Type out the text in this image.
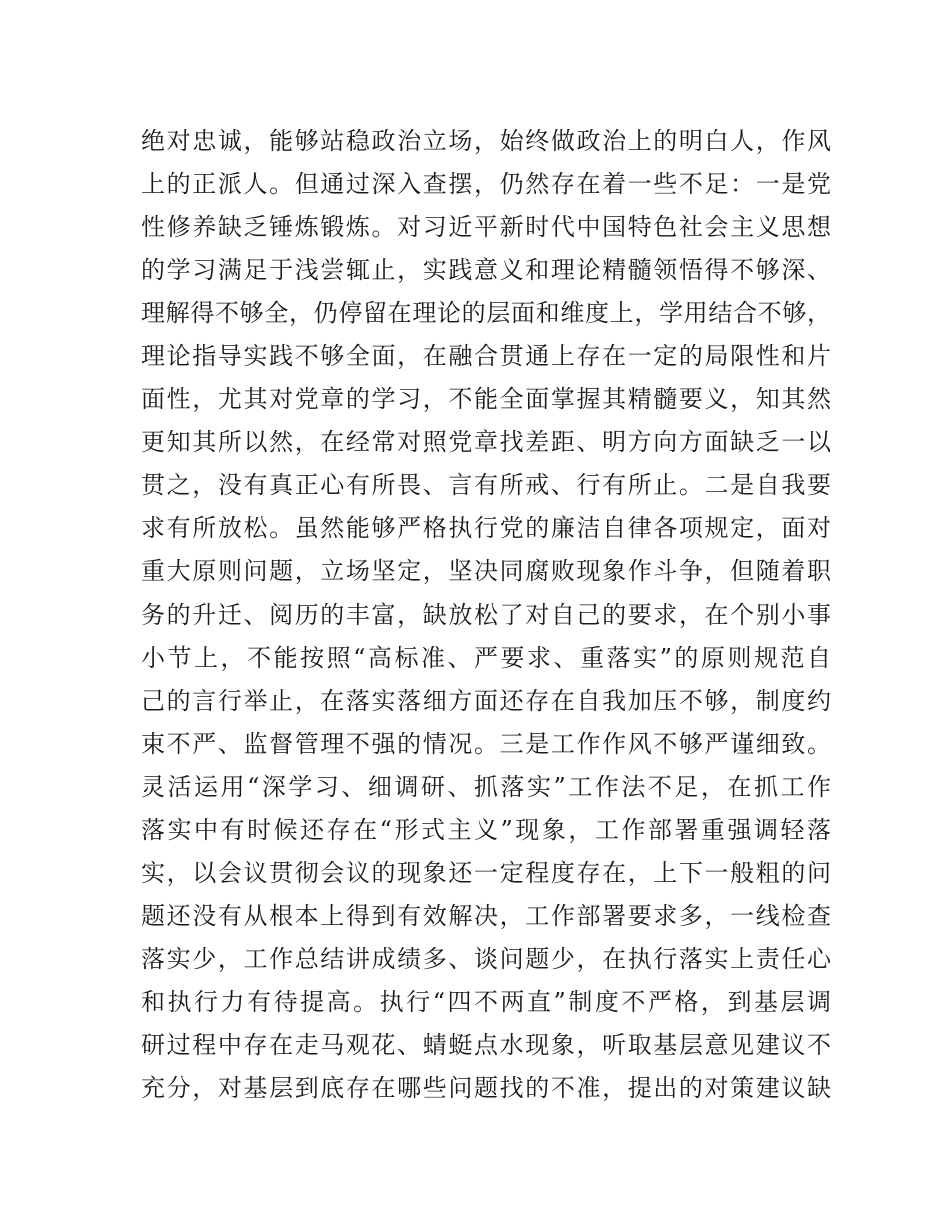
绝对忠诚，能够站稳政治立场，始终做政治上的明白人，作风
上的正派人。但通过深入查摆，仍然存在着一些不足：一是党
性修养缺乏锤炼锻炼。对习近平新时代中国特色社会主义思想
的学习满足于浅尝辄止，实践意义和理论精髓领悟得不够深、
理解得不够全，仍停留在理论的层面和维度上，学用结合不够，
理论指导实践不够全面，在融合贯通上存在一定的局限性和片
面性，尤其对党章的学习，不能全面掌握其精髓要义，知其然
更知其所以然，在经常对照党章找差距、明方向方面缺乏一以
贯之，没有真正心有所畏、言有所戒、行有所止。二是自我要
求有所放松。虽然能够严格执行党的廉洁自律各项规定，面对
重大原则问题，立场坚定，坚决同腐败现象作斗争，但随着职
务的升迁、阅历的丰富，缺放松了对自己的要求，在个别小事
小节上，不能按照“高标准、严要求、重落实”的原则规范自
己的言行举止，在落实落细方面还存在自我加压不够，制度约
束不严、监督管理不强的情况。三是工作作风不够严谨细致。
灵活运用“深学习、细调研、抓落实”工作法不足，在抓工作
落实中有时候还存在“形式主义”现象，工作部署重强调轻落
实，以会议贯彻会议的现象还一定程度存在，上下一般粗的问
题还没有从根本上得到有效解决，工作部署要求多，一线检查
落实少，工作总结讲成绩多、谈问题少，在执行落实上责任心
和执行力有待提高。执行“四不两直”制度不严格，到基层调
研过程中存在走马观花、蜻蜓点水现象，听取基层意见建议不
充分，对基层到底存在哪些问题找的不准，提出的对策建议缺
